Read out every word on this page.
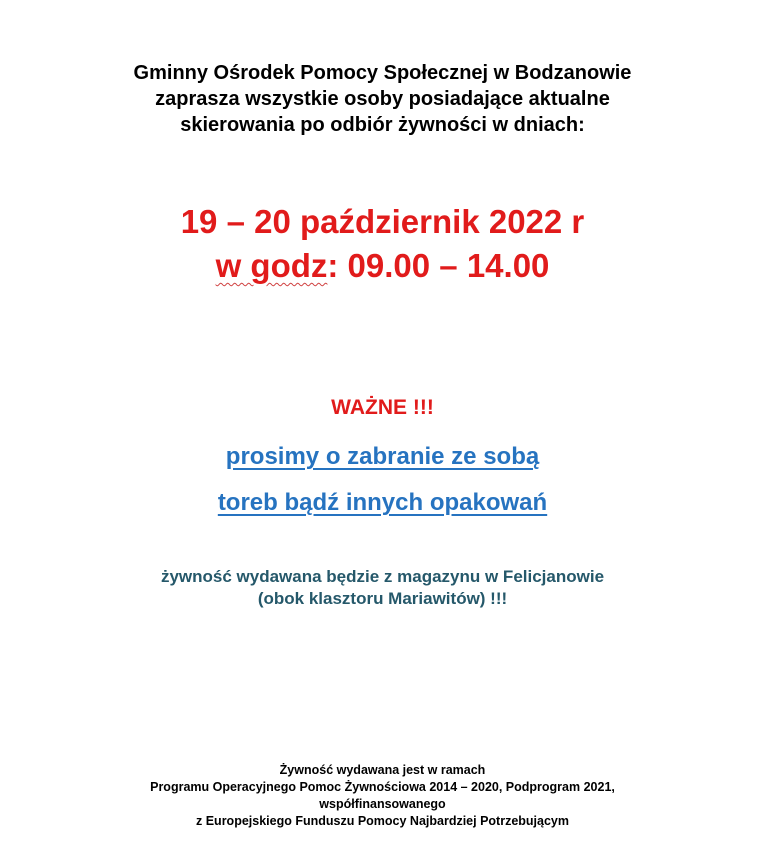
Gminny Ośrodek Pomocy Społecznej w Bodzanowie
zaprasza wszystkie osoby posiadające aktualne
skierowania po odbiór żywności w dniach:
19 – 20 październik 2022 r
w godz: 09.00 – 14.00
WAŻNE !!!
prosimy o zabranie ze sobą
toreb bądź innych opakowań
żywność wydawana będzie z magazynu w Felicjanowie
(obok klasztoru Mariawitów) !!!
Żywność wydawana jest w ramach
Programu Operacyjnego Pomoc Żywnościowa 2014 – 2020, Podprogram 2021,
współfinansowanego
z Europejskiego Funduszu Pomocy Najbardziej Potrzebującym
